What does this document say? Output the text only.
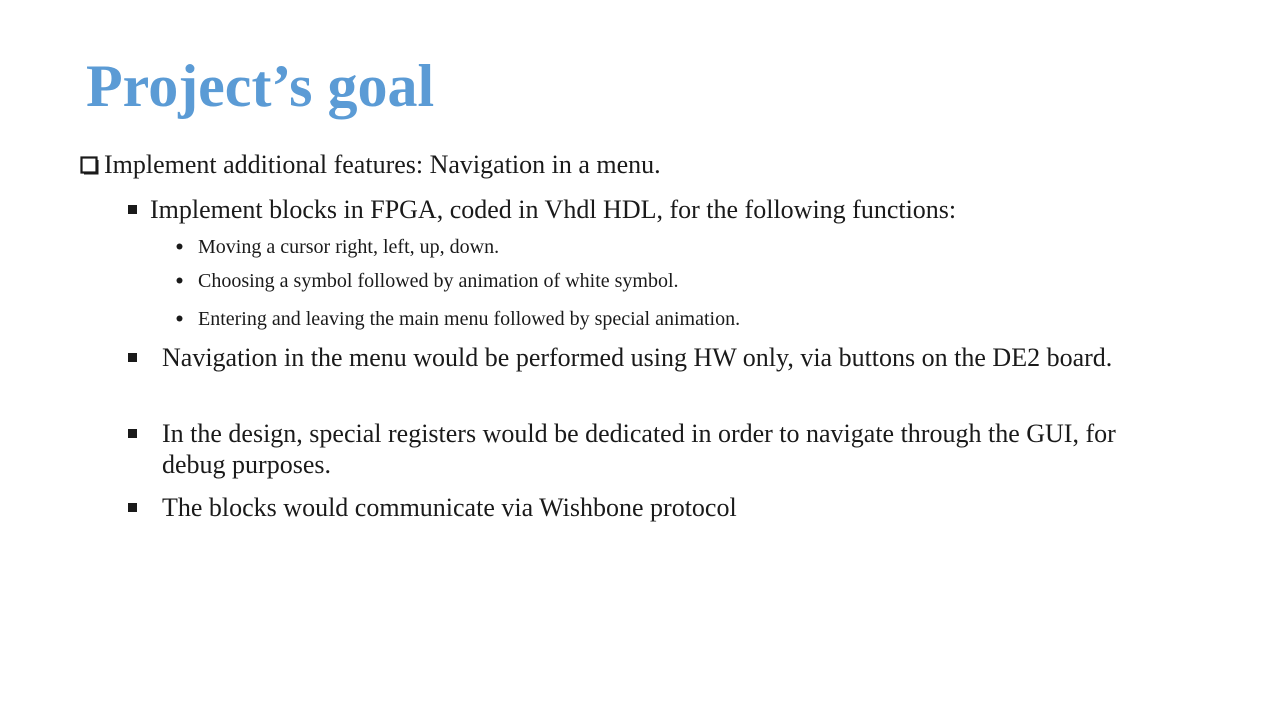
Project’s goal
Implement additional features: Navigation in a menu.
Implement blocks in FPGA, coded in Vhdl HDL, for the following functions:
Moving a cursor right, left, up, down.
Choosing a symbol followed by animation of white symbol.
Entering and leaving the main menu followed by special animation.
Navigation in the menu would be performed using HW only, via buttons on the DE2 board.
In the design, special registers would be dedicated in order to navigate through the GUI, for debug purposes.
The blocks would communicate via Wishbone protocol
